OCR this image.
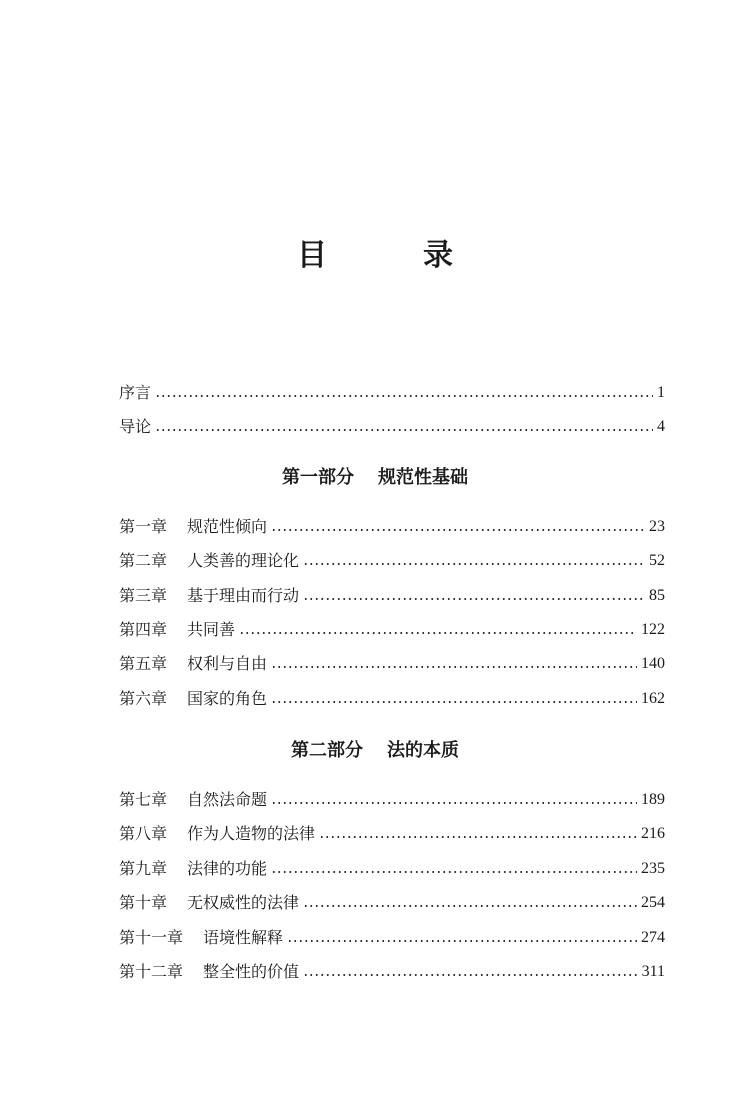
目	录
序言	1
导论	4
第一部分 规范性基础
第一章 规范性倾向	23
第二章 人类善的理论化	52
第三章 基于理由而行动	85
第四章 共同善	122
第五章 权利与自由	140
第六章 国家的角色	162
第二部分 法的本质
第七章 自然法命题	189
第八章 作为人造物的法律	216
第九章 法律的功能	235
第十章 无权威性的法律	254
第十一章 语境性解释	274
第十二章 整全性的价值	311
